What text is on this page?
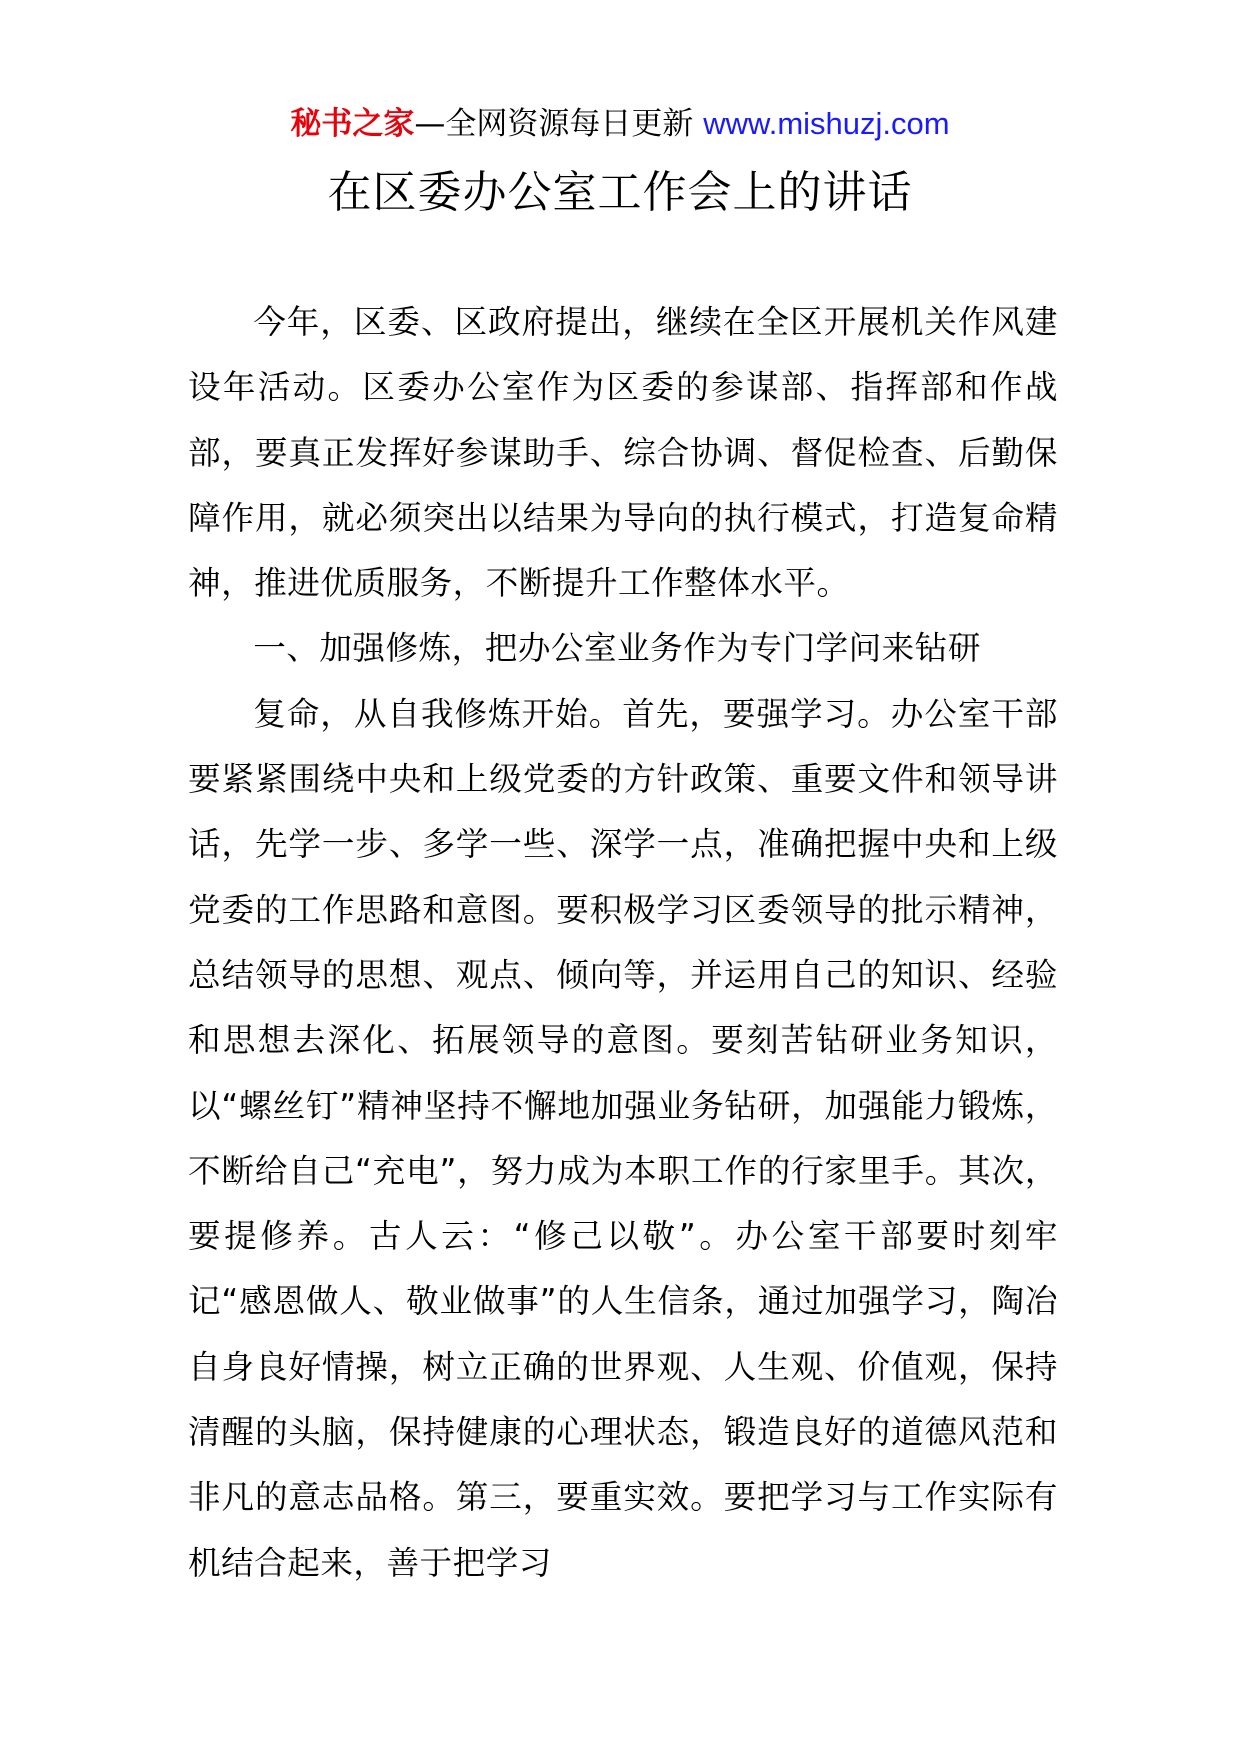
秘书之家—全网资源每日更新 www.mishuzj.com
在区委办公室工作会上的讲话

今年，区委、区政府提出，继续在全区开展机关作风建设年活动。区委办公室作为区委的参谋部、指挥部和作战部，要真正发挥好参谋助手、综合协调、督促检查、后勤保障作用，就必须突出以结果为导向的执行模式，打造复命精神，推进优质服务，不断提升工作整体水平。

一、加强修炼，把办公室业务作为专门学问来钻研

复命，从自我修炼开始。首先，要强学习。办公室干部要紧紧围绕中央和上级党委的方针政策、重要文件和领导讲话，先学一步、多学一些、深学一点，准确把握中央和上级党委的工作思路和意图。要积极学习区委领导的批示精神，总结领导的思想、观点、倾向等，并运用自己的知识、经验和思想去深化、拓展领导的意图。要刻苦钻研业务知识，以“螺丝钉”精神坚持不懈地加强业务钻研，加强能力锻炼，不断给自己“充电”，努力成为本职工作的行家里手。其次，要提修养。古人云：“修己以敬”。办公室干部要时刻牢记“感恩做人、敬业做事”的人生信条，通过加强学习，陶冶自身良好情操，树立正确的世界观、人生观、价值观，保持清醒的头脑，保持健康的心理状态，锻造良好的道德风范和非凡的意志品格。第三，要重实效。要把学习与工作实际有机结合起来，善于把学习
